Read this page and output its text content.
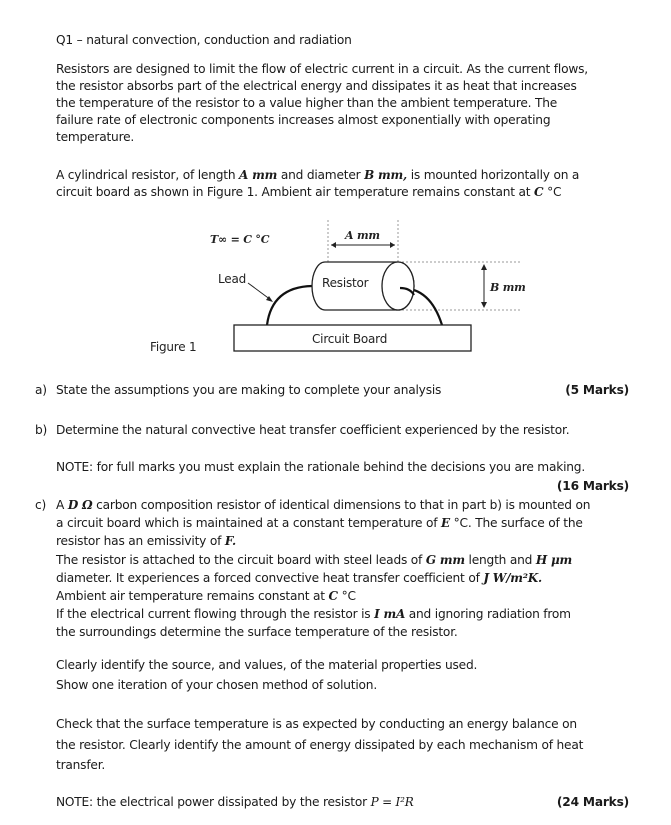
Q1 – natural convection, conduction and radiation
Resistors are designed to limit the flow of electric current in a circuit. As the current flows,
the resistor absorbs part of the electrical energy and dissipates it as heat that increases
the temperature of the resistor to a value higher than the ambient temperature. The
failure rate of electronic components increases almost exponentially with operating
temperature.
A cylindrical resistor, of length A mm and diameter B mm, is mounted horizontally on a
circuit board as shown in Figure 1. Ambient air temperature remains constant at C °C
T∞ = C °C	A mm
B mm
Resistor
Lead
Circuit Board
Figure 1
a) State the assumptions you are making to complete your analysis	(5 Marks)
b) Determine the natural convective heat transfer coefficient experienced by the resistor.
NOTE: for full marks you must explain the rationale behind the decisions you are making.
(16 Marks)
c) A D Ω carbon composition resistor of identical dimensions to that in part b) is mounted on
a circuit board which is maintained at a constant temperature of E °C. The surface of the
resistor has an emissivity of F.
The resistor is attached to the circuit board with steel leads of G mm length and H μm
diameter. It experiences a forced convective heat transfer coefficient of J W/m²K.
Ambient air temperature remains constant at C °C
If the electrical current flowing through the resistor is I mA and ignoring radiation from
the surroundings determine the surface temperature of the resistor.
Clearly identify the source, and values, of the material properties used.
Show one iteration of your chosen method of solution.
Check that the surface temperature is as expected by conducting an energy balance on
the resistor. Clearly identify the amount of energy dissipated by each mechanism of heat
transfer.
NOTE: the electrical power dissipated by the resistor P = I²R	(24 Marks)
